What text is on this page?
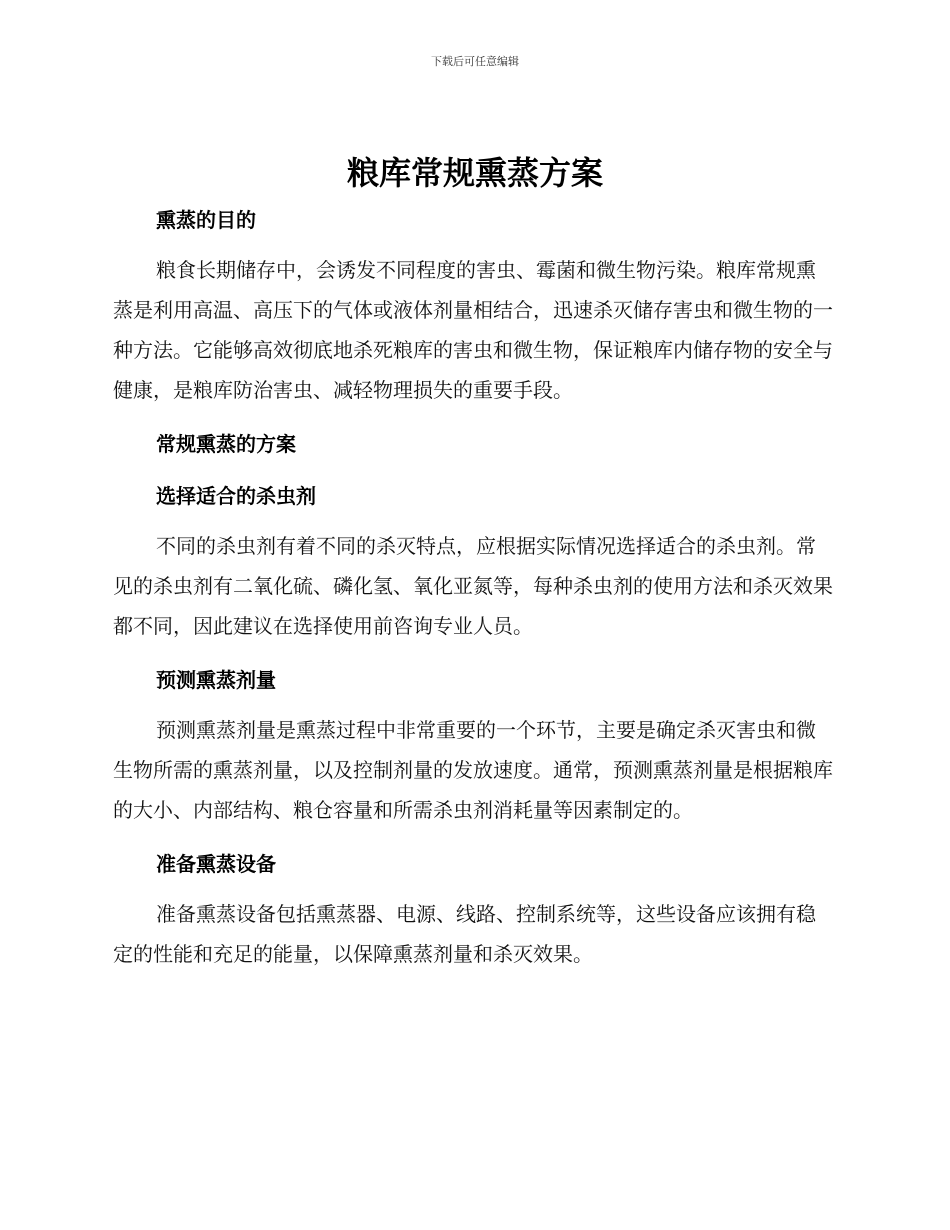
下载后可任意编辑
粮库常规熏蒸方案
熏蒸的目的

粮食长期储存中，会诱发不同程度的害虫、霉菌和微生物污染。粮库常规熏蒸是利用高温、高压下的气体或液体剂量相结合，迅速杀灭储存害虫和微生物的一种方法。它能够高效彻底地杀死粮库的害虫和微生物，保证粮库内储存物的安全与健康，是粮库防治害虫、减轻物理损失的重要手段。

常规熏蒸的方案
选择适合的杀虫剂

不同的杀虫剂有着不同的杀灭特点，应根据实际情况选择适合的杀虫剂。常见的杀虫剂有二氧化硫、磷化氢、氧化亚氮等，每种杀虫剂的使用方法和杀灭效果都不同，因此建议在选择使用前咨询专业人员。

预测熏蒸剂量

预测熏蒸剂量是熏蒸过程中非常重要的一个环节，主要是确定杀灭害虫和微生物所需的熏蒸剂量，以及控制剂量的发放速度。通常，预测熏蒸剂量是根据粮库的大小、内部结构、粮仓容量和所需杀虫剂消耗量等因素制定的。

准备熏蒸设备

准备熏蒸设备包括熏蒸器、电源、线路、控制系统等，这些设备应该拥有稳定的性能和充足的能量，以保障熏蒸剂量和杀灭效果。
